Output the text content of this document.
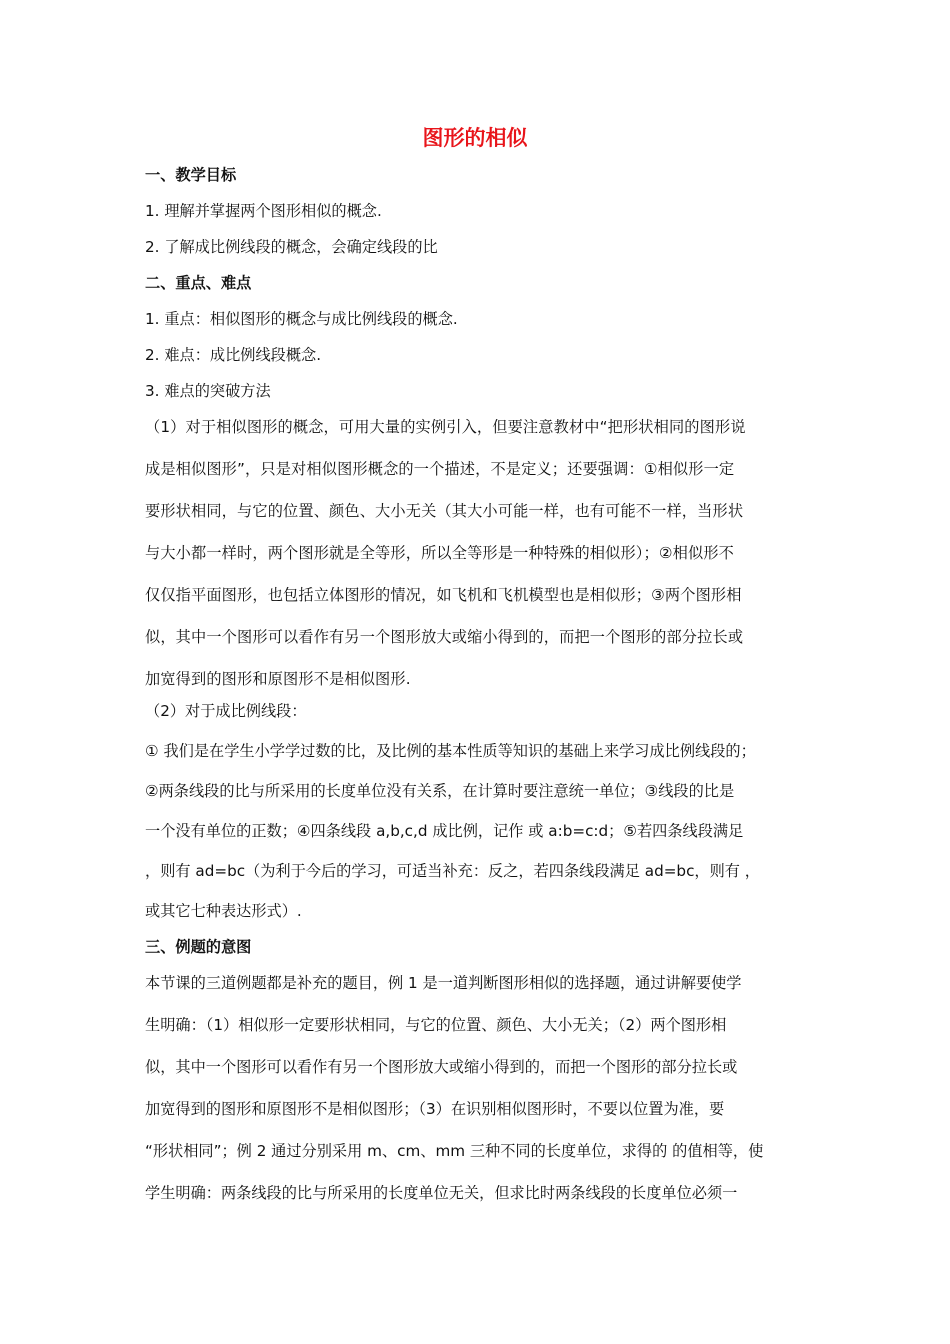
图形的相似
一、教学目标
1. 理解并掌握两个图形相似的概念.
2. 了解成比例线段的概念，会确定线段的比
二、重点、难点
1. 重点：相似图形的概念与成比例线段的概念.
2. 难点：成比例线段概念.
3. 难点的突破方法
（1）对于相似图形的概念，可用大量的实例引入，但要注意教材中“把形状相同的图形说
成是相似图形”，只是对相似图形概念的一个描述，不是定义；还要强调：①相似形一定
要形状相同，与它的位置、颜色、大小无关（其大小可能一样，也有可能不一样，当形状
与大小都一样时，两个图形就是全等形，所以全等形是一种特殊的相似形）；②相似形不
仅仅指平面图形，也包括立体图形的情况，如飞机和飞机模型也是相似形；③两个图形相
似，其中一个图形可以看作有另一个图形放大或缩小得到的，而把一个图形的部分拉长或
加宽得到的图形和原图形不是相似图形.
（2）对于成比例线段：
① 我们是在学生小学学过数的比，及比例的基本性质等知识的基础上来学习成比例线段的；
②两条线段的比与所采用的长度单位没有关系，在计算时要注意统一单位；③线段的比是
一个没有单位的正数；④四条线段 a,b,c,d 成比例，记作 或 a:b=c:d；⑤若四条线段满足
，则有 ad=bc（为利于今后的学习，可适当补充：反之，若四条线段满足 ad=bc，则有 ，
或其它七种表达形式）.
三、例题的意图
本节课的三道例题都是补充的题目，例 1 是一道判断图形相似的选择题，通过讲解要使学
生明确：（1）相似形一定要形状相同，与它的位置、颜色、大小无关；（2）两个图形相
似，其中一个图形可以看作有另一个图形放大或缩小得到的，而把一个图形的部分拉长或
加宽得到的图形和原图形不是相似图形；（3）在识别相似图形时，不要以位置为准，要
“形状相同”；例 2 通过分别采用 m、cm、mm 三种不同的长度单位，求得的 的值相等，使
学生明确：两条线段的比与所采用的长度单位无关，但求比时两条线段的长度单位必须一
